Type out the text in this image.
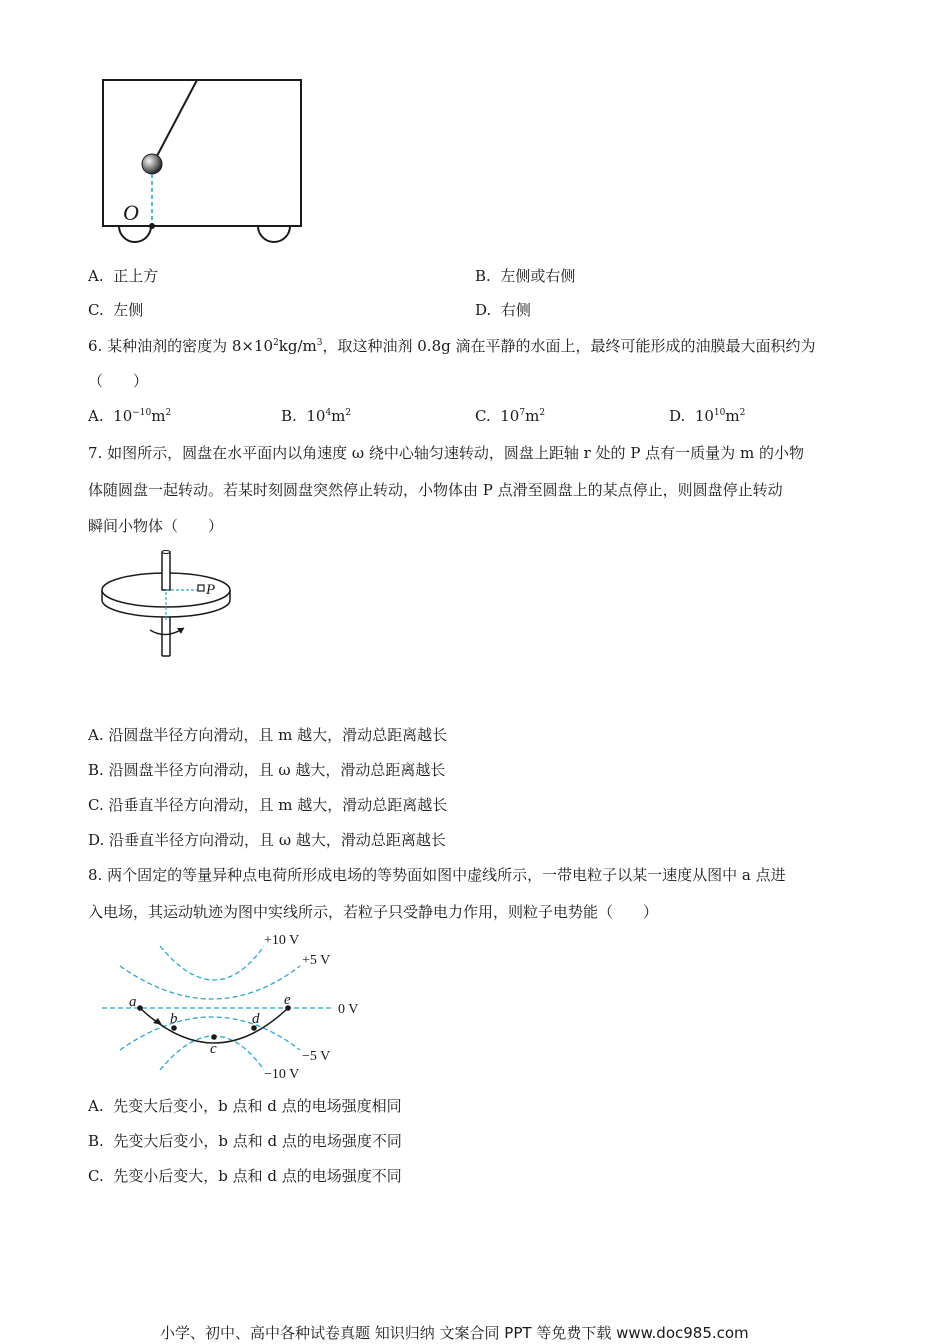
O
A. 正上方	B. 左侧或右侧
C. 左侧	D. 右侧
6. 某种油剂的密度为 $8\times 10^2kg/m^3$，取这种油剂 0.8g 滴在平静的水面上，最终可能形成的油膜最大面积约为
（　　）
A. $10^{-10}m^2$	B. $10^4m^2$	C. $10^7m^2$	D. $10^{10}m^2$
7. 如图所示，圆盘在水平面内以角速度 ω 绕中心轴匀速转动，圆盘上距轴 r 处的 P 点有一质量为 m 的小物
体随圆盘一起转动。若某时刻圆盘突然停止转动，小物体由 P 点滑至圆盘上的某点停止，则圆盘停止转动
瞬间小物体（　　）
P
A. 沿圆盘半径方向滑动，且 m 越大，滑动总距离越长
B. 沿圆盘半径方向滑动，且 ω 越大，滑动总距离越长
C. 沿垂直半径方向滑动，且 m 越大，滑动总距离越长
D. 沿垂直半径方向滑动，且 ω 越大，滑动总距离越长
8. 两个固定的等量异种点电荷所形成电场的等势面如图中虚线所示，一带电粒子以某一速度从图中 a 点进
入电场，其运动轨迹为图中实线所示，若粒子只受静电力作用，则粒子电势能（　　）
+10 V
+5 V
0 V
−5 V
−10 V
a
b
c
d
e
A. 先变大后变小，b 点和 d 点的电场强度相同
B. 先变大后变小，b 点和 d 点的电场强度不同
C. 先变小后变大，b 点和 d 点的电场强度不同
小学、初中、高中各种试卷真题 知识归纳 文案合同 PPT 等免费下载 www.doc985.com
